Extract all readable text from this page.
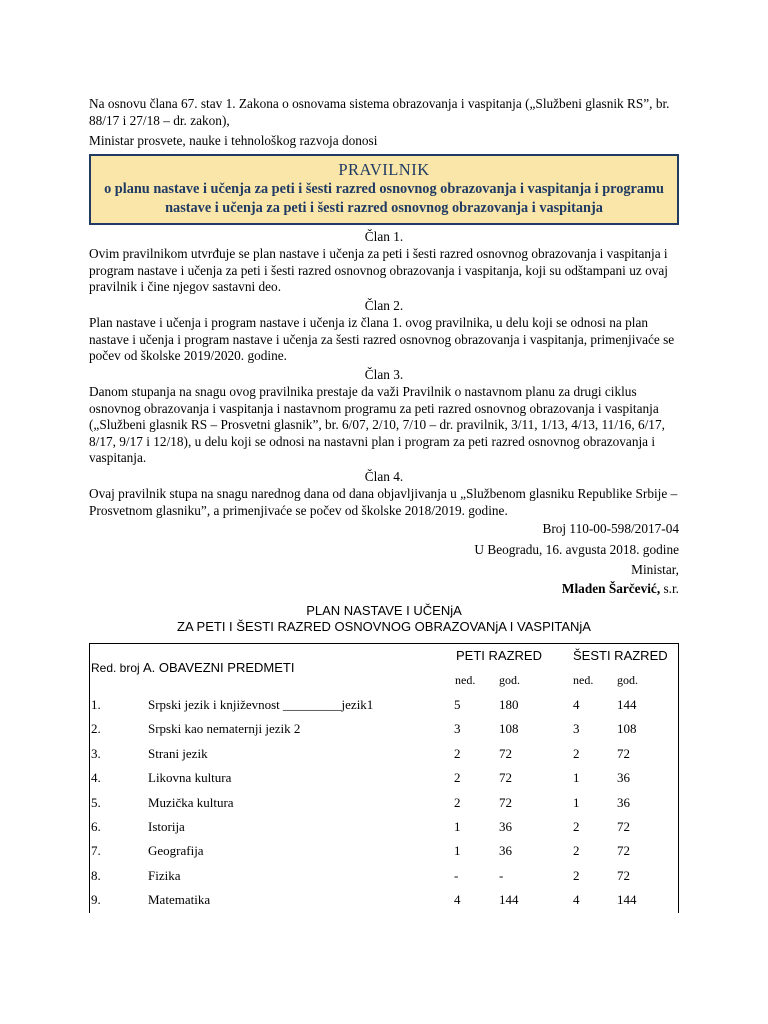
Na osnovu člana 67. stav 1. Zakona o osnovama sistema obrazovanja i vaspitanja („Službeni glasnik RS”, br. 88/17 i 27/18 – dr. zakon),

Ministar prosvete, nauke i tehnološkog razvoja donosi

PRAVILNIK
o planu nastave i učenja za peti i šesti razred osnovnog obrazovanja i vaspitanja i programu nastave i učenja za peti i šesti razred osnovnog obrazovanja i vaspitanja

Član 1.

Ovim pravilnikom utvrđuje se plan nastave i učenja za peti i šesti razred osnovnog obrazovanja i vaspitanja i program nastave i učenja za peti i šesti razred osnovnog obrazovanja i vaspitanja, koji su odštampani uz ovaj pravilnik i čine njegov sastavni deo.

Član 2.

Plan nastave i učenja i program nastave i učenja iz člana 1. ovog pravilnika, u delu koji se odnosi na plan nastave i učenja i program nastave i učenja za šesti razred osnovnog obrazovanja i vaspitanja, primenjivaće se počev od školske 2019/2020. godine.

Član 3.

Danom stupanja na snagu ovog pravilnika prestaje da važi Pravilnik o nastavnom planu za drugi ciklus osnovnog obrazovanja i vaspitanja i nastavnom programu za peti razred osnovnog obrazovanja i vaspitanja („Službeni glasnik RS – Prosvetni glasnik”, br. 6/07, 2/10, 7/10 – dr. pravilnik, 3/11, 1/13, 4/13, 11/16, 6/17, 8/17, 9/17 i 12/18), u delu koji se odnosi na nastavni plan i program za peti razred osnovnog obrazovanja i vaspitanja.

Član 4.

Ovaj pravilnik stupa na snagu narednog dana od dana objavljivanja u „Službenom glasniku Republike Srbije – Prosvetnom glasniku”, a primenjivaće se počev od školske 2018/2019. godine.

Broj 110-00-598/2017-04

U Beogradu, 16. avgusta 2018. godine

Ministar,

Mladen Šarčević, s.r.

PLAN NASTAVE I UČENjA
ZA PETI I ŠESTI RAZRED OSNOVNOG OBRAZOVANjA I VASPITANjA
Red. broj	A. OBAVEZNI PREDMETI	PETI RAZRED		ŠESTI RAZRED	
		ned.	god.	ned.	god.
1.	Srpski jezik i književnost _________jezik1	5	180	4	144
2.	Srpski kao nematernji jezik 2	3	108	3	108
3.	Strani jezik	2	72	2	72
4.	Likovna kultura	2	72	1	36
5.	Muzička kultura	2	72	1	36
6.	Istorija	1	36	2	72
7.	Geografija	1	36	2	72
8.	Fizika	-	-	2	72
9.	Matematika	4	144	4	144
